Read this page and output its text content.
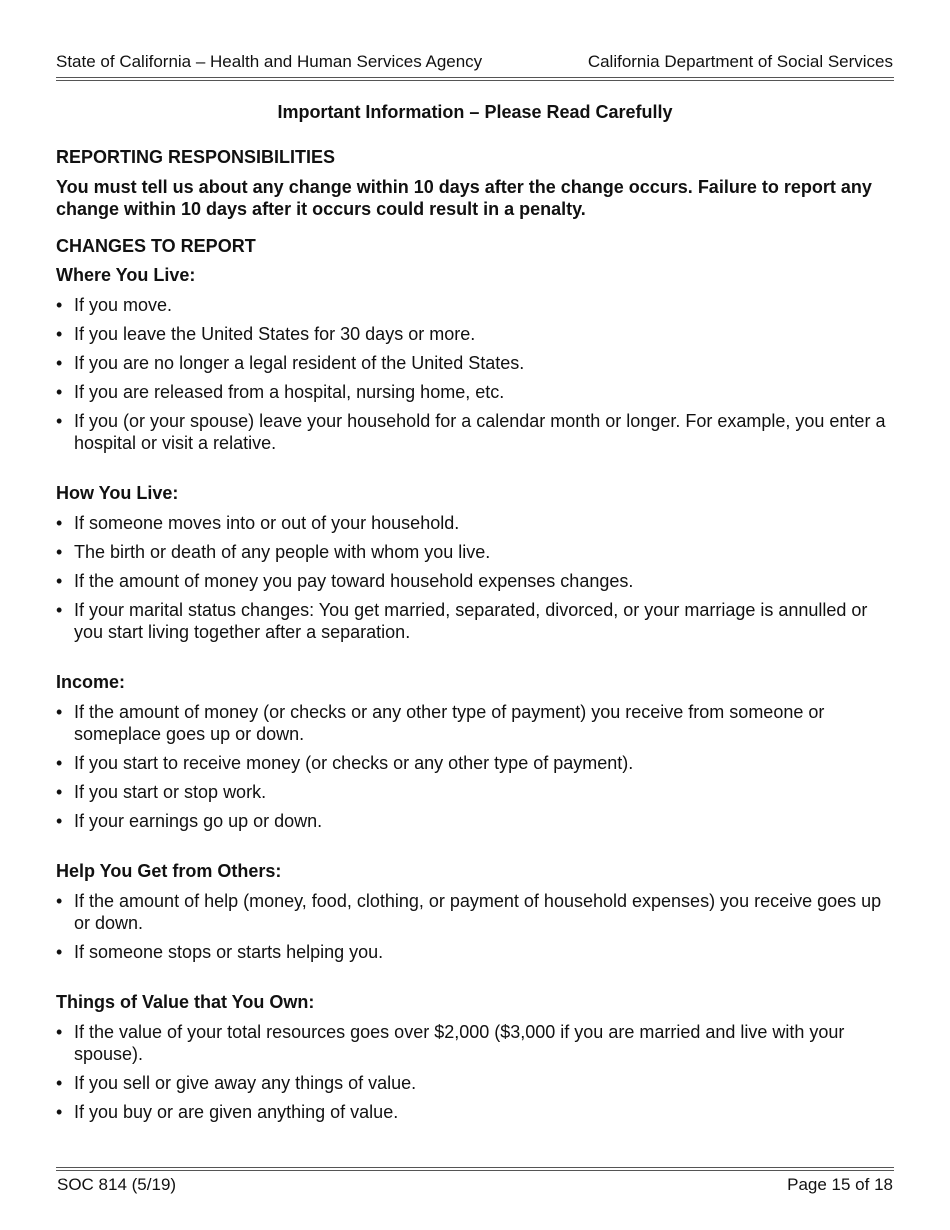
State of California – Health and Human Services Agency	California Department of Social Services
Important Information – Please Read Carefully

REPORTING RESPONSIBILITIES

You must tell us about any change within 10 days after the change occurs. Failure to report any change within 10 days after it occurs could result in a penalty.

CHANGES TO REPORT

Where You Live:

• If you move.
• If you leave the United States for 30 days or more.
• If you are no longer a legal resident of the United States.
• If you are released from a hospital, nursing home, etc.
• If you (or your spouse) leave your household for a calendar month or longer. For example, you enter a hospital or visit a relative.

How You Live:

• If someone moves into or out of your household.
• The birth or death of any people with whom you live.
• If the amount of money you pay toward household expenses changes.
• If your marital status changes: You get married, separated, divorced, or your marriage is annulled or you start living together after a separation.

Income:

• If the amount of money (or checks or any other type of payment) you receive from someone or someplace goes up or down.
• If you start to receive money (or checks or any other type of payment).
• If you start or stop work.
• If your earnings go up or down.

Help You Get from Others:

• If the amount of help (money, food, clothing, or payment of household expenses) you receive goes up or down.
• If someone stops or starts helping you.

Things of Value that You Own:

• If the value of your total resources goes over $2,000 ($3,000 if you are married and live with your spouse).
• If you sell or give away any things of value.
• If you buy or are given anything of value.
SOC 814 (5/19)	Page 15 of 18
